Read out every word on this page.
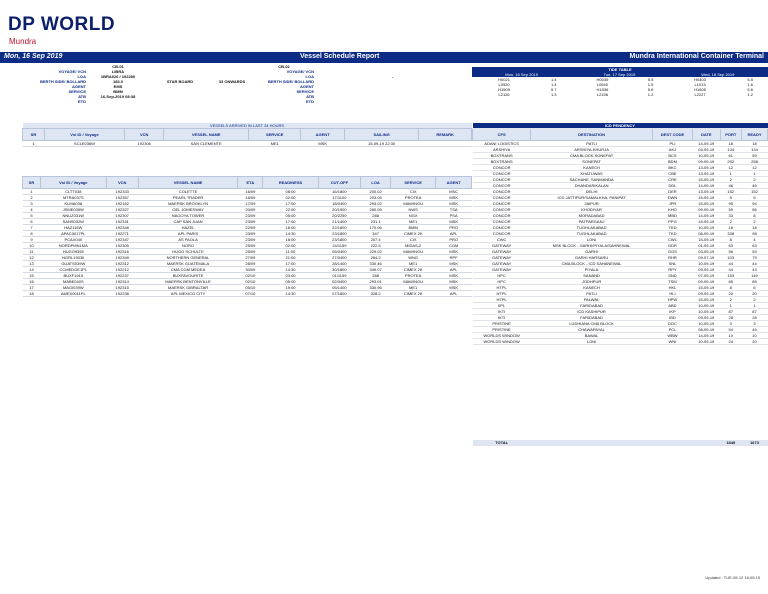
DP WORLD
Mundra
Mon, 16 Sep 2019	Vessel Schedule Report	Mundra International Container Terminal
	CB-01			CB-02	
VOYAGE/ VCN	LIBRA			VOYAGE/ VCN	
LOA	1BRA026 / 192280			LOA	-
BERTH SIDE/ BOLLARD	183.0	STAR BOARD	33 ONWARDS	BERTH SIDE/ BOLLARD	
AGENT	EMS			AGENT	
SERVICE	BMM			SERVICE	
ATB	16-Sep-2019 08:38			ATB	
ETD				ETD	
TIDE TABLE					
Mon, 16 Sep 2019		Tue, 17 Sep 2019		Wed, 18 Sep 2019	
H0021	1.4	H0035	5.5	H0403	5.5
L0920	1.4	L0940	1.5	L1013	1.6
H1509	5.7	H1536	5.6	H1605	5.6
L2126	1.3	L2156	1.2	L2227	1.2
VESSELS ARRIVED IN LAST 24 HOURS							
SR	Vsl ID / Voyage	VCN	VESSEL NAME	SERVICE	AGENT	SAILING	REMARK
1	SCLE036W	192306	SAN CLEMENTE	ME1	MSK	15-09-19 22:30	
SR	Vsl ID / Voyage	VCN	VESSEL NAME	ETA	READINESS	CUT-OFF	LOA	SERVICE	AGENT
1	CLTT038	192333	COLETTE	16/09	08:00	16/1800	200.02	CIX	MSC
2	MTRA037S	192357	PEARL TRADER	16/09	02:00	17/1100	203.05	PROTEA	MSK
3	KLMA038	192162	MAERSK BROOKLYN	17/09	17:00	18/0400	293.02	MAWINGU	MSK
4	JSME039W	192327	OEL JOMESWAY	20/09	22:00	20/1900	260.05	NWS	TSA
5	NNUZ031W	192307	NAGOYA TOWER	23/09	05:00	20/2259	288	NGX	PSA
6	SANS032W	192331	CAP SAN JUAN	23/09	17:00	21/1400	231.1	ME1	MSK
7	HAZ116W	192348	HAZEL	22/09	16:00	22/1600	170.06	BMM	PRO
8	APAC0017PL	192271	APL PARIS	23/09	14:30	23/1800	347	CIMEX 2K	APL
9	PCAX040	192347	AS PAOLA	23/09	18:00	23/1800	207.4	CIX	PRO
10	NORDPMN1MA	192305	NORO	25/09	02:00	24/1159	222.5	MIDAS-2	CGM
11	HUGO9355	192316	HUGO SCHULTE	25/09	11:00	05/0400	229.02	MAWINGU	MSK
12	NGRL1903II	192349	NORTHERN GENERAL	27/09	21:00	27/0400	264.2	WNG	RPF
13	GUATS039W	192312	MAERSK GUATEMALA	28/09	17:00	28/1400	330.46	ME1	MSK
14	CCMEDGE1PL	192212	CMA CGM MEDEA	30/09	14:30	30/1800	349.07	CIMEX 2K	APL
15	BUXF1915	192237	BUXFAVOURITE	02/10	03:00	01/1159	288	PROTEA	MSK
16	MABE040S	192314	MAERSK BENTONVILLE	02/10	05:00	02/0400	293.01	MAWINGU	MSK
17	MAGI039W	192315	MAERSK GIBRALTAR	05/10	19:00	05/1400	330.96	ME1	MSK
18	AMEX0011PL	192238	APL MEXICO CITY	07/10	14:30	07/1800	328.2	CIMEX 2K	APL
ICD PENDENCY					
CFS	DESTINATION	DEST CODE	DATE	PORT	READY
ADANI LOGISTICS	PATLI	PLI	14-09-19	18	18
ARSHIYA	ARSHIYA-KHURJA	AKJ	04-09-19	134	134
BOXTRANS	CMA BLOCK-SONEPAT	BCS	10-09-19	61	59
BOXTRANS	SONEPAT	BDM	09-09-19	292	258
CONCOR	KANECH	BKC	13-09-19	12	12
CONCOR	KHATUWAS	CBE	13-09-19	1	1
CONCOR	SACHANE, SANMANDA	CRE	15-09-19	2	2
CONCOR	DHANDARIKALAN	DDL	14-09-19	46	46
CONCOR	DELHI	DER	13-09-19	152	152
CONCOR	ICD JATTIPUR/SAMALKHA, PANIPAT	DWN	15-09-19	5	5
CONCOR	JAIPUR	JPR	15-09-19	95	94
CONCOR	KHODIYAR	KHO	09-09-19	59	56
CONCOR	MORADABAD	MBD	14-09-19	33	8
CONCOR	PATPARGANJ	PPG	15-09-19	2	2
CONCOR	TUGHLAKABAD	TKD	10-09-19	18	18
CONCOR	TUGHLAKABAD	TKD	08-09-19	338	98
CWC	LONI	CWL	15-09-19	8	4
GATEWAY	MSK BLOCK - GARHI/PIYALA/SAHNEWAL	GDR	01-09-19	63	63
GATEWAY	GARHI	GGS	03-09-19	56	53
GATEWAY	GARHI HARSARU	RHR	09-07-19	103	79
GATEWAY	CMA BLOCK - ICD SAHANEWAL	SNL	10-09-19	44	44
GATEWAY	PIYALA	RPY	09-09-19	44	43
HPC	SANAND	SND	07-09-19	153	140
HPC	JODHPUR	TSM	09-09-19	85	85
HTPL	KANECH	HKL	15-09-19	8	6
HTPL	PATLI	HLI	09-09-19	20	20
HTPL	PALWAL	HPW	15-09-19	2	2
IIPL	FARIDABAD	ABD	10-09-19	1	1
IKTI	ICD KASHIPUR	IKP	10-09-19	87	87
IKTI	FARIDABAD	IBD	09-09-19	28	28
PRISTINE	LUDHIANA CMA BLOCK	DOC	10-09-19	3	3
PRISTINE	CHAWAPAYAL	PCL	08-09-19	54	46
WORLDS WINDOW	BAWAL	WBW	14-09-19	10	10
WORLDS WINDOW	LONI	WNI	10-09-19	24	20

TOTAL				1849	1673
Updated : TUE-09-12 16:05:15
